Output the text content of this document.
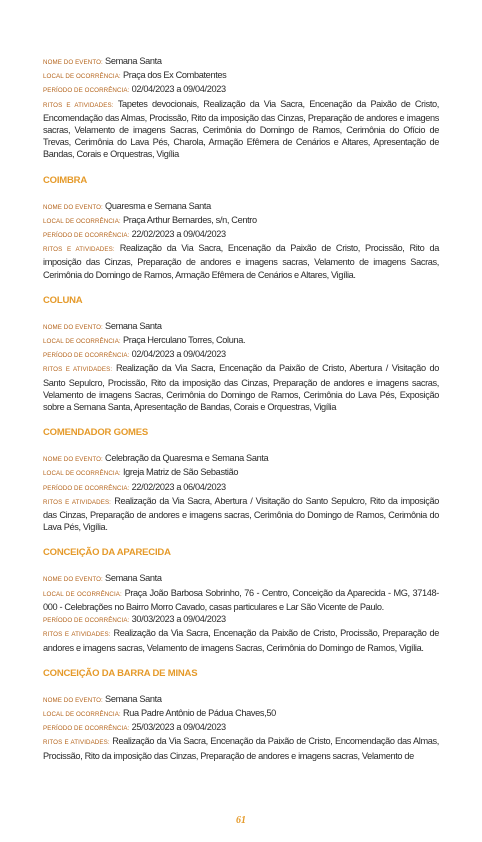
NOME DO EVENTO: Semana Santa
LOCAL DE OCORRÊNCIA: Praça dos Ex Combatentes
PERÍODO DE OCORRÊNCIA: 02/04/2023 a 09/04/2023
RITOS E ATIVIDADES: Tapetes devocionais, Realização da Via Sacra, Encenação da Paixão de Cristo, Encomendação das Almas, Procissão, Rito da imposição das Cinzas, Preparação de andores e imagens sacras, Velamento de imagens Sacras, Cerimônia do Domingo de Ramos, Cerimônia do Ofício de Trevas, Cerimônia do Lava Pés, Charola, Armação Efêmera de Cenários e Altares, Apresentação de Bandas, Corais e Orquestras, Vigília
COIMBRA
NOME DO EVENTO: Quaresma e Semana Santa
LOCAL DE OCORRÊNCIA: Praça Arthur Bernardes, s/n, Centro
PERÍODO DE OCORRÊNCIA: 22/02/2023 a 09/04/2023
RITOS E ATIVIDADES: Realização da Via Sacra, Encenação da Paixão de Cristo, Procissão, Rito da imposição das Cinzas, Preparação de andores e imagens sacras, Velamento de imagens Sacras, Cerimônia do Domingo de Ramos, Armação Efêmera de Cenários e Altares, Vigília.
COLUNA
NOME DO EVENTO: Semana Santa
LOCAL DE OCORRÊNCIA: Praça Herculano Torres, Coluna.
PERÍODO DE OCORRÊNCIA: 02/04/2023 a 09/04/2023
RITOS E ATIVIDADES: Realização da Via Sacra, Encenação da Paixão de Cristo, Abertura / Visitação do Santo Sepulcro, Procissão, Rito da imposição das Cinzas, Preparação de andores e imagens sacras, Velamento de imagens Sacras, Cerimônia do Domingo de Ramos, Cerimônia do Lava Pés, Exposição sobre a Semana Santa, Apresentação de Bandas, Corais e Orquestras, Vigília
COMENDADOR GOMES
NOME DO EVENTO: Celebração da Quaresma e Semana Santa
LOCAL DE OCORRÊNCIA: Igreja Matriz de São Sebastião
PERÍODO DE OCORRÊNCIA: 22/02/2023 a 06/04/2023
RITOS E ATIVIDADES: Realização da Via Sacra, Abertura / Visitação do Santo Sepulcro, Rito da imposição das Cinzas, Preparação de andores e imagens sacras, Cerimônia do Domingo de Ramos, Cerimônia do Lava Pés, Vigília.
CONCEIÇÃO DA APARECIDA
NOME DO EVENTO: Semana Santa
LOCAL DE OCORRÊNCIA: Praça João Barbosa Sobrinho, 76 - Centro, Conceição da Aparecida - MG, 37148-000 - Celebrações no Bairro Morro Cavado, casas particulares e Lar São Vicente de Paulo.
PERÍODO DE OCORRÊNCIA: 30/03/2023 a 09/04/2023
RITOS E ATIVIDADES: Realização da Via Sacra, Encenação da Paixão de Cristo, Procissão, Preparação de andores e imagens sacras, Velamento de imagens Sacras, Cerimônia do Domingo de Ramos, Vigília.
CONCEIÇÃO DA BARRA DE MINAS
NOME DO EVENTO: Semana Santa
LOCAL DE OCORRÊNCIA: Rua Padre Antônio de Pádua Chaves,50
PERÍODO DE OCORRÊNCIA: 25/03/2023 a 09/04/2023
RITOS E ATIVIDADES: Realização da Via Sacra, Encenação da Paixão de Cristo, Encomendação das Almas, Procissão, Rito da imposição das Cinzas, Preparação de andores e imagens sacras, Velamento de
61
